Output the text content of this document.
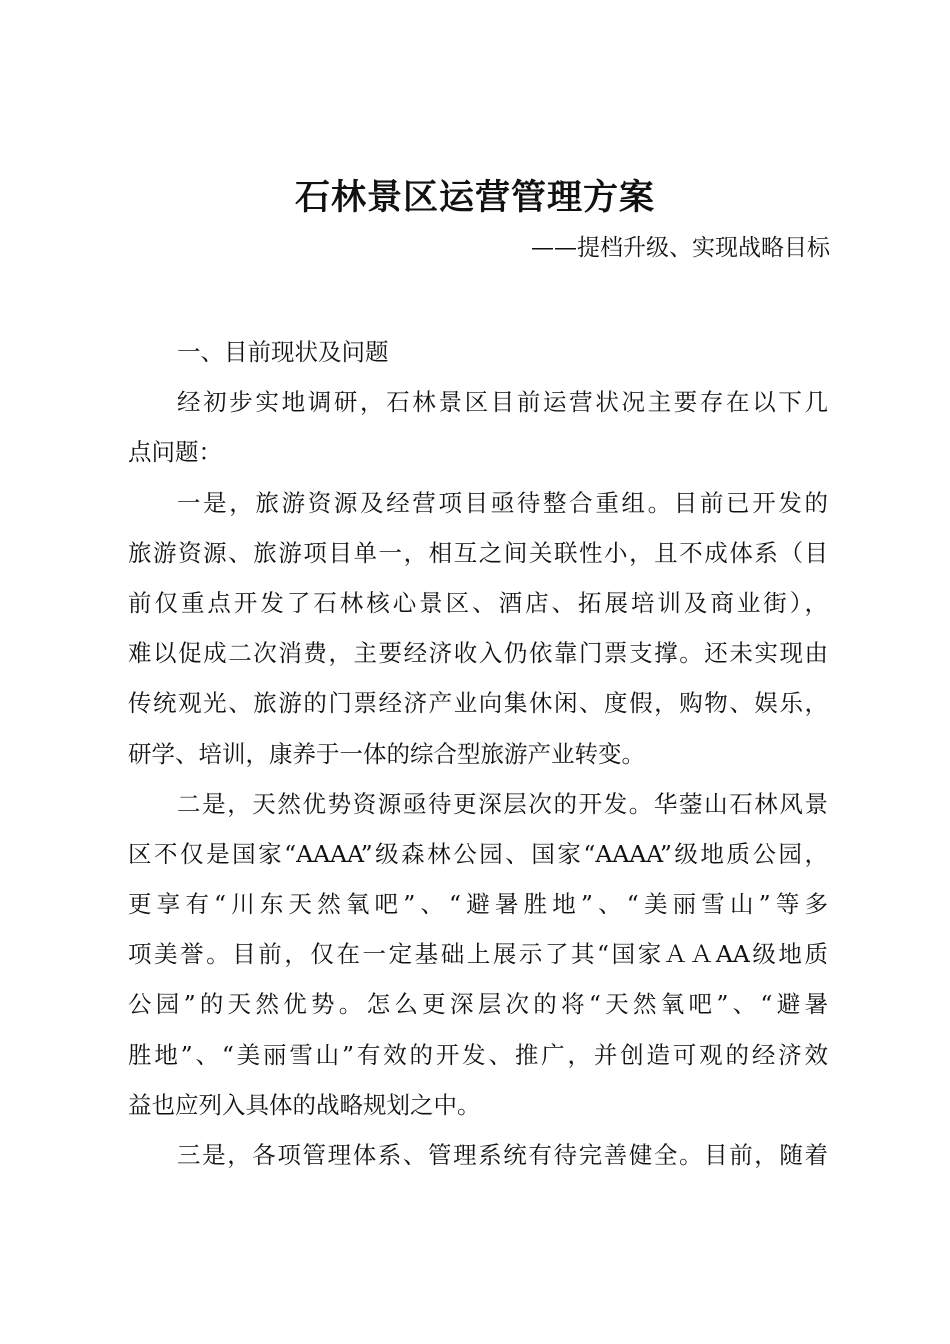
石林景区运营管理方案

——提档升级、实现战略目标

一、目前现状及问题
经初步实地调研，石林景区目前运营状况主要存在以下几
点问题：
一是，旅游资源及经营项目亟待整合重组。目前已开发的
旅游资源、旅游项目单一，相互之间关联性小，且不成体系（目
前仅重点开发了石林核心景区、酒店、拓展培训及商业街），
难以促成二次消费，主要经济收入仍依靠门票支撑。还未实现由
传统观光、旅游的门票经济产业向集休闲、度假，购物、娱乐，
研学、培训，康养于一体的综合型旅游产业转变。
二是，天然优势资源亟待更深层次的开发。华蓥山石林风景
区不仅是国家“AAAA”级森林公园、国家“AAAA”级地质公园，
更享有“川东天然氧吧”、“避暑胜地”、“美丽雪山”等多
项美誉。目前，仅在一定基础上展示了其“国家ＡＡAA级地质
公园”的天然优势。怎么更深层次的将“天然氧吧”、“避暑
胜地”、“美丽雪山”有效的开发、推广，并创造可观的经济效
益也应列入具体的战略规划之中。
三是，各项管理体系、管理系统有待完善健全。目前，随着
